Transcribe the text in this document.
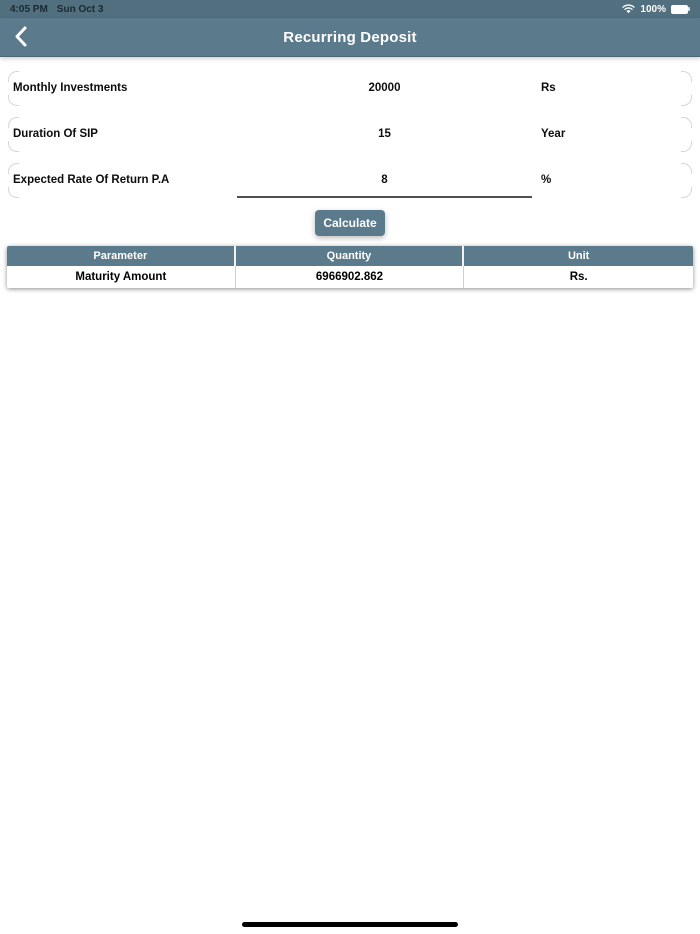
4:05 PM Sun Oct 3	100%
Recurring Deposit
Monthly Investments	20000	Rs
Duration Of SIP	15	Year
Expected Rate Of Return P.A	8	%
Calculate
Parameter	Quantity	Unit
Maturity Amount	6966902.862	Rs.
